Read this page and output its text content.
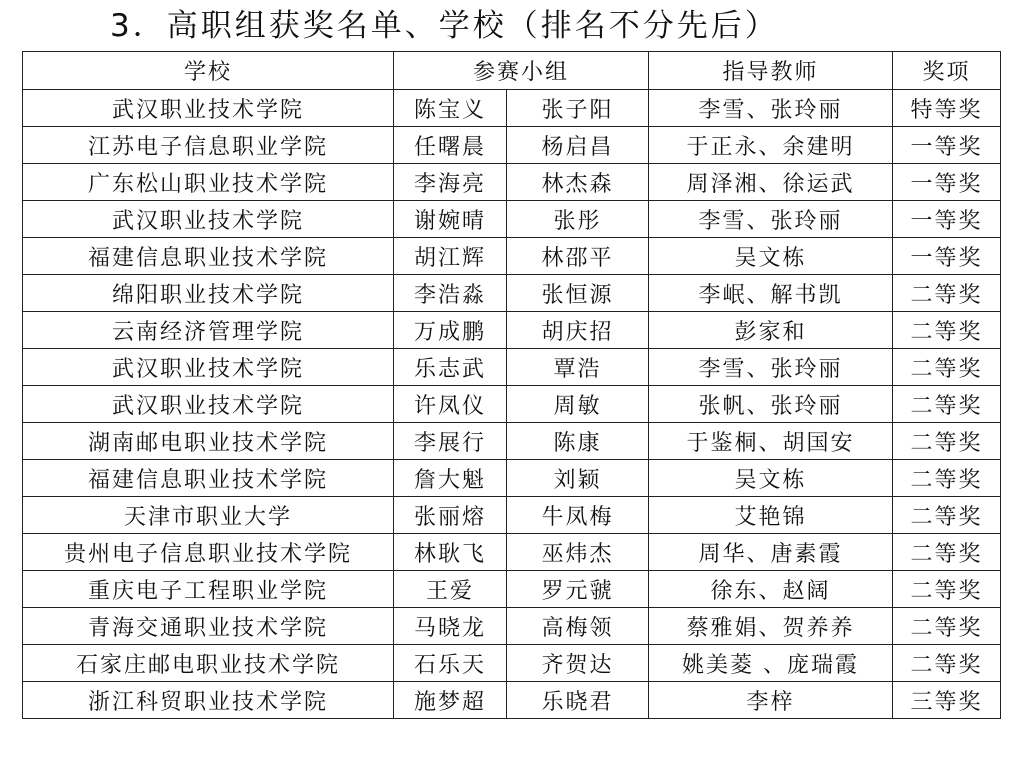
3．高职组获奖名单、学校（排名不分先后）
学校	参赛小组		指导教师	奖项
武汉职业技术学院	陈宝义	张子阳	李雪、张玲丽	特等奖
江苏电子信息职业学院	任曙晨	杨启昌	于正永、余建明	一等奖
广东松山职业技术学院	李海亮	林杰森	周泽湘、徐运武	一等奖
武汉职业技术学院	谢婉晴	张彤	李雪、张玲丽	一等奖
福建信息职业技术学院	胡江辉	林邵平	吴文栋	一等奖
绵阳职业技术学院	李浩淼	张恒源	李岷、解书凯	二等奖
云南经济管理学院	万成鹏	胡庆招	彭家和	二等奖
武汉职业技术学院	乐志武	覃浩	李雪、张玲丽	二等奖
武汉职业技术学院	许凤仪	周敏	张帆、张玲丽	二等奖
湖南邮电职业技术学院	李展行	陈康	于鉴桐、胡国安	二等奖
福建信息职业技术学院	詹大魁	刘颖	吴文栋	二等奖
天津市职业大学	张丽熔	牛凤梅	艾艳锦	二等奖
贵州电子信息职业技术学院	林耿飞	巫炜杰	周华、唐素霞	二等奖
重庆电子工程职业学院	王爱	罗元虢	徐东、赵阔	二等奖
青海交通职业技术学院	马晓龙	高梅领	蔡雅娟、贺养养	二等奖
石家庄邮电职业技术学院	石乐天	齐贺达	姚美菱 、庞瑞霞	二等奖
浙江科贸职业技术学院	施梦超	乐晓君	李梓	三等奖
